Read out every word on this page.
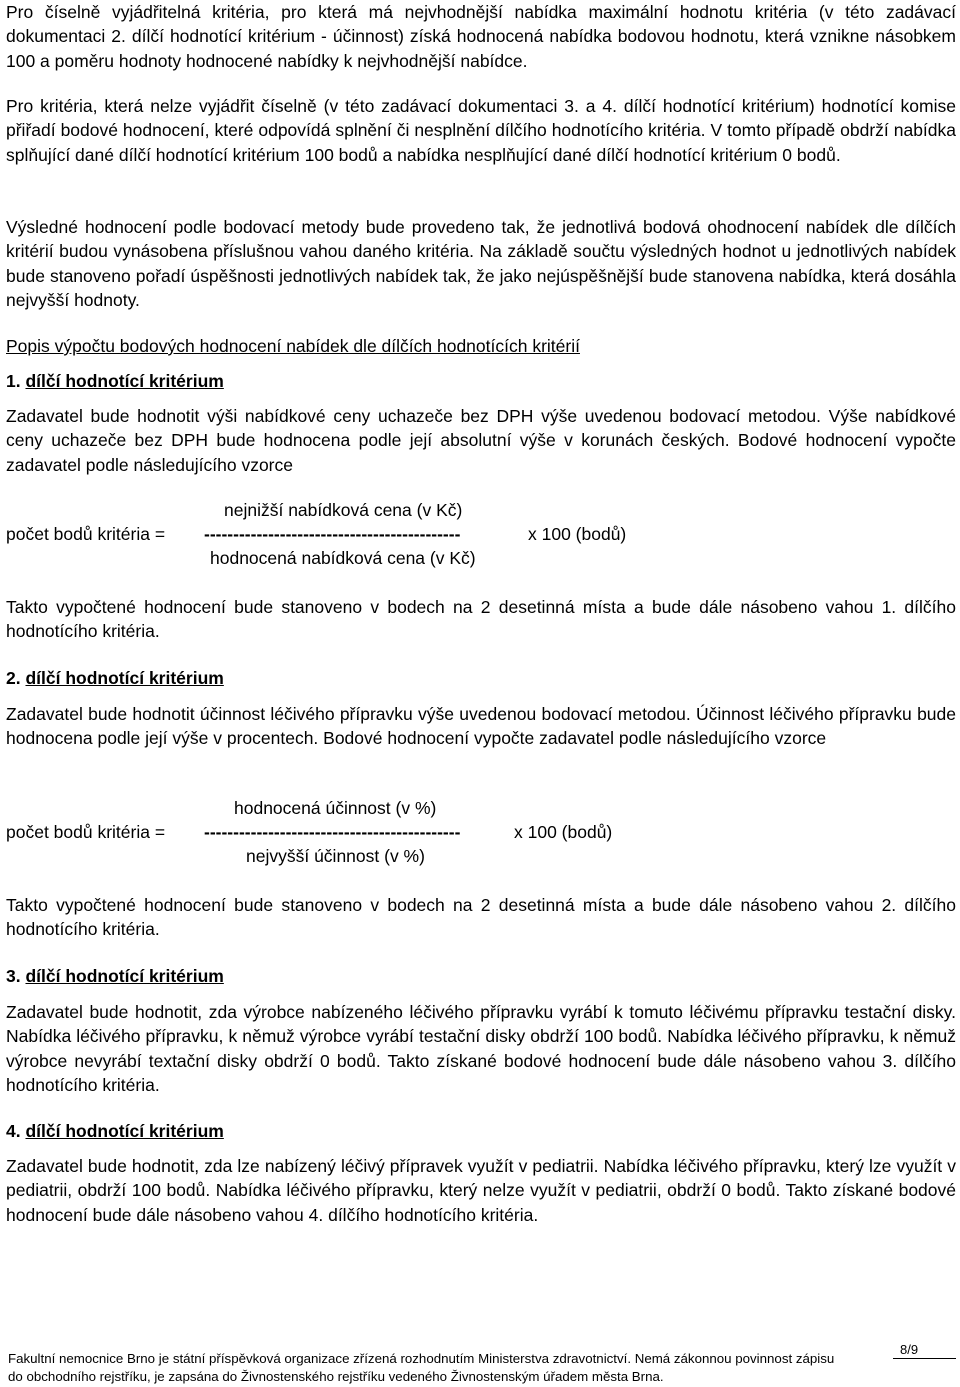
Pro číselně vyjádřitelná kritéria, pro která má nejvhodnější nabídka maximální hodnotu kritéria (v této zadávací dokumentaci 2. dílčí hodnotící kritérium - účinnost) získá hodnocená nabídka bodovou hodnotu, která vznikne násobkem 100 a poměru hodnoty hodnocené nabídky k nejvhodnější nabídce.

Pro kritéria, která nelze vyjádřit číselně (v této zadávací dokumentaci 3. a 4. dílčí hodnotící kritérium) hodnotící komise přiřadí bodové hodnocení, které odpovídá splnění či nesplnění dílčího hodnotícího kritéria. V tomto případě obdrží nabídka splňující dané dílčí hodnotící kritérium 100 bodů a nabídka nesplňující dané dílčí hodnotící kritérium 0 bodů.

Výsledné hodnocení podle bodovací metody bude provedeno tak, že jednotlivá bodová ohodnocení nabídek dle dílčích kritérií budou vynásobena příslušnou vahou daného kritéria. Na základě součtu výsledných hodnot u jednotlivých nabídek bude stanoveno pořadí úspěšnosti jednotlivých nabídek tak, že jako nejúspěšnější bude stanovena nabídka, která dosáhla nejvyšší hodnoty.

Popis výpočtu bodových hodnocení nabídek dle dílčích hodnotících kritérií
1. dílčí hodnotící kritérium

Zadavatel bude hodnotit výši nabídkové ceny uchazeče bez DPH výše uvedenou bodovací metodou. Výše nabídkové ceny uchazeče bez DPH bude hodnocena podle její absolutní výše v korunách českých. Bodové hodnocení vypočte zadavatel podle následujícího vzorce

nejnižší nabídková cena (v Kč)
počet bodů kritéria = --------------------------------------------	x 100 (bodů)
hodnocená nabídková cena (v Kč)

Takto vypočtené hodnocení bude stanoveno v bodech na 2 desetinná místa a bude dále násobeno vahou 1. dílčího hodnotícího kritéria.

2. dílčí hodnotící kritérium

Zadavatel bude hodnotit účinnost léčivého přípravku výše uvedenou bodovací metodou. Účinnost léčivého přípravku bude hodnocena podle její výše v procentech. Bodové hodnocení vypočte zadavatel podle následujícího vzorce

hodnocená účinnost (v %)
počet bodů kritéria = --------------------------------------------	x 100 (bodů)
nejvyšší účinnost (v %)

Takto vypočtené hodnocení bude stanoveno v bodech na 2 desetinná místa a bude dále násobeno vahou 2. dílčího hodnotícího kritéria.

3. dílčí hodnotící kritérium

Zadavatel bude hodnotit, zda výrobce nabízeného léčivého přípravku vyrábí k tomuto léčivému přípravku testační disky. Nabídka léčivého přípravku, k němuž výrobce vyrábí testační disky obdrží 100 bodů. Nabídka léčivého přípravku, k němuž výrobce nevyrábí textační disky obdrží 0 bodů. Takto získané bodové hodnocení bude dále násobeno vahou 3. dílčího hodnotícího kritéria.

4. dílčí hodnotící kritérium

Zadavatel bude hodnotit, zda lze nabízený léčivý přípravek využít v pediatrii. Nabídka léčivého přípravku, který lze využít v pediatrii, obdrží 100 bodů. Nabídka léčivého přípravku, který nelze využít v pediatrii, obdrží 0 bodů. Takto získané bodové hodnocení bude dále násobeno vahou 4. dílčího hodnotícího kritéria.

8/9

Fakultní nemocnice Brno je státní příspěvková organizace zřízená rozhodnutím Ministerstva zdravotnictví. Nemá zákonnou povinnost zápisu

do obchodního rejstříku, je zapsána do Živnostenského rejstříku vedeného Živnostenským úřadem města Brna.
